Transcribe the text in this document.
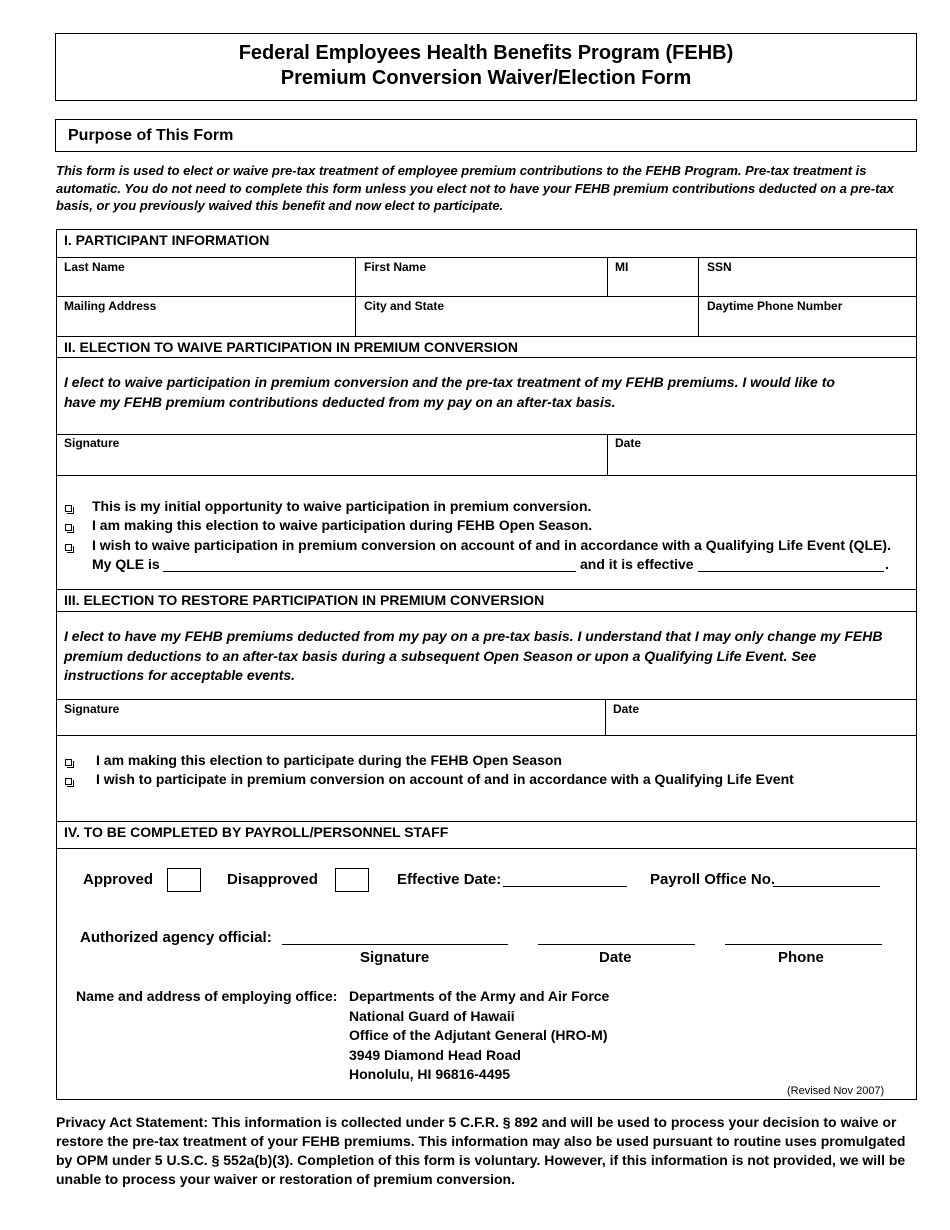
Federal Employees Health Benefits Program (FEHB)
Premium Conversion Waiver/Election Form
Purpose of This Form
This form is used to elect or waive pre-tax treatment of employee premium contributions to the FEHB Program. Pre-tax treatment is automatic. You do not need to complete this form unless you elect not to have your FEHB premium contributions deducted on a pre-tax basis, or you previously waived this benefit and now elect to participate.
I. PARTICIPANT INFORMATION
Last Name	First Name	MI	SSN
Mailing Address	City and State	Daytime Phone Number
II. ELECTION TO WAIVE PARTICIPATION IN PREMIUM CONVERSION
I elect to waive participation in premium conversion and the pre-tax treatment of my FEHB premiums. I would like to have my FEHB premium contributions deducted from my pay on an after-tax basis.
Signature	Date
This is my initial opportunity to waive participation in premium conversion.
I am making this election to waive participation during FEHB Open Season.
I wish to waive participation in premium conversion on account of and in accordance with a Qualifying Life Event (QLE).
My QLE is	and it is effective	.
III. ELECTION TO RESTORE PARTICIPATION IN PREMIUM CONVERSION
I elect to have my FEHB premiums deducted from my pay on a pre-tax basis. I understand that I may only change my FEHB premium deductions to an after-tax basis during a subsequent Open Season or upon a Qualifying Life Event. See instructions for acceptable events.
Signature	Date
I am making this election to participate during the FEHB Open Season
I wish to participate in premium conversion on account of and in accordance with a Qualifying Life Event
IV. TO BE COMPLETED BY PAYROLL/PERSONNEL STAFF
Approved	Disapproved	Effective Date:	Payroll Office No.
Authorized agency official:
Signature	Date	Phone
Name and address of employing office: Departments of the Army and Air Force
National Guard of Hawaii
Office of the Adjutant General (HRO-M)
3949 Diamond Head Road
Honolulu, HI 96816-4495
(Revised Nov 2007)
Privacy Act Statement: This information is collected under 5 C.F.R. § 892 and will be used to process your decision to waive or restore the pre-tax treatment of your FEHB premiums. This information may also be used pursuant to routine uses promulgated by OPM under 5 U.S.C. § 552a(b)(3). Completion of this form is voluntary. However, if this information is not provided, we will be unable to process your waiver or restoration of premium conversion.
